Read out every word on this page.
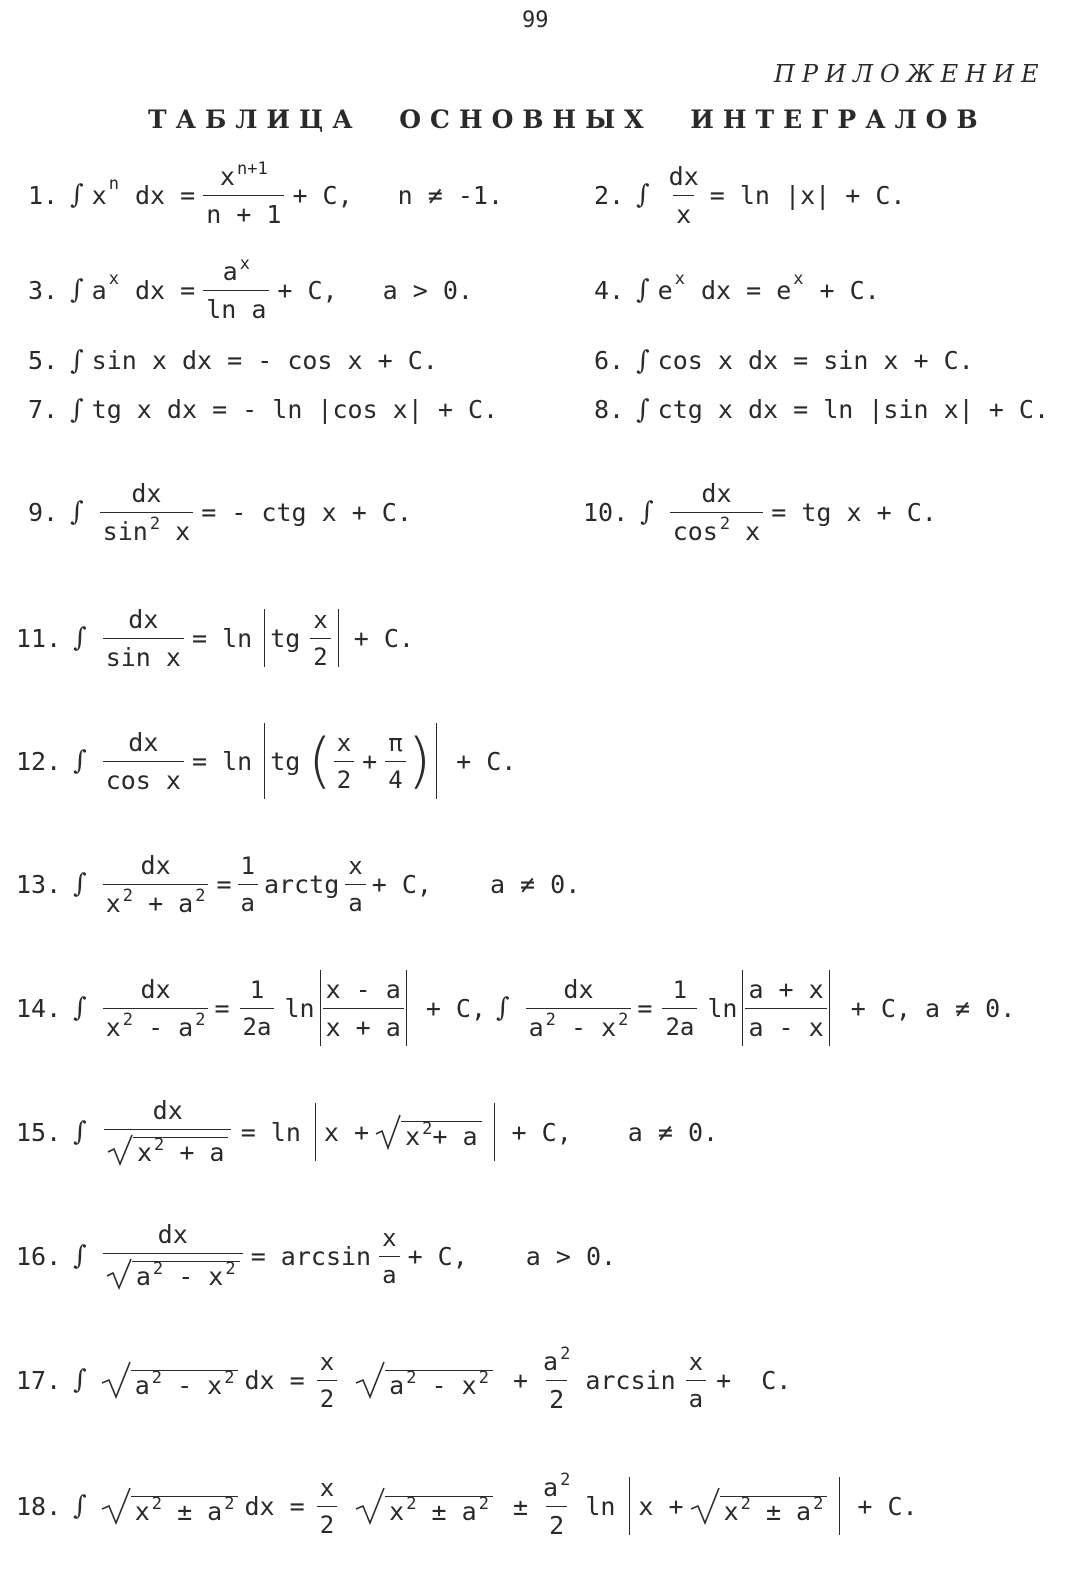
99
ПРИЛОЖЕНИЕ
ТАБЛИЦА ОСНОВНЫХ ИНТЕГРАЛОВ
1. ∫ x n dx = $\frac{x ^{n+1}}{n + 1} + C$, n ≠ -1.	2. ∫ $\frac{dx}{x} = \ln |x| + C$.
3. ∫ a x dx = $\frac{a ^x}{\text{ln a}} + C$, a > 0.	4. ∫ e x dx = e x + C.
5. ∫ sin x dx = - cos x + C.	6. ∫ cos x dx = sin x + C.
7. ∫ tg x dx = - ln |cos x| + C.	8. ∫ ctg x dx = ln |sin x| + C.
9. ∫ $\frac{dx}{\sin ^2 x}$ = - ctg x + C.	10. ∫ $\frac{dx}{\cos ^2 x}$ = tg x + C.
11. ∫ $\frac{dx}{\text{sin x}} = \ln$ tg $\frac{x}{2} + C$.
12. ∫ $\frac{dx}{\text{cos x}} = \ln$ tg ( $\frac{x}{2} + \frac{\pi}{4}$ ) + C.
13. ∫ $\frac{dx}{x ^2 + a ^2} = \frac{1}{a}$ arctg $\frac{x}{a} + C$, a ≠ 0.
14. ∫ $\frac{dx}{x ^2 - a ^2} = \frac{1}{2a}$ $\ln \frac{x - a}{x + a} + C$, ∫ $\frac{dx}{a ^2 - x ^2} = \frac{1}{2a}$ $\ln \frac{a + x}{a - x} + C$, a ≠ 0.
15. ∫ $\frac{dx}{x ^2 + a} = \ln x + x$ $^2$+ a + C, a ≠ 0.
16. ∫ $\frac{dx}{a ^2 - x ^2} = \arcsin \frac{x}{a} + C$, a > 0.
17. ∫ a $^2$ - x $^2$ dx = $\frac{x}{2}$ a $^2$ - x $^2 + \frac{a ^2}{2}$ $\arcsin \frac{x}{a} + C$.
18. ∫ x $^2$ ± a $^2$ dx = $\frac{x}{2}$ x $^2$ ± a $^2 \pm \frac{a ^2}{2}$ ln x + x $^2$ ± a $^2$ + C.
